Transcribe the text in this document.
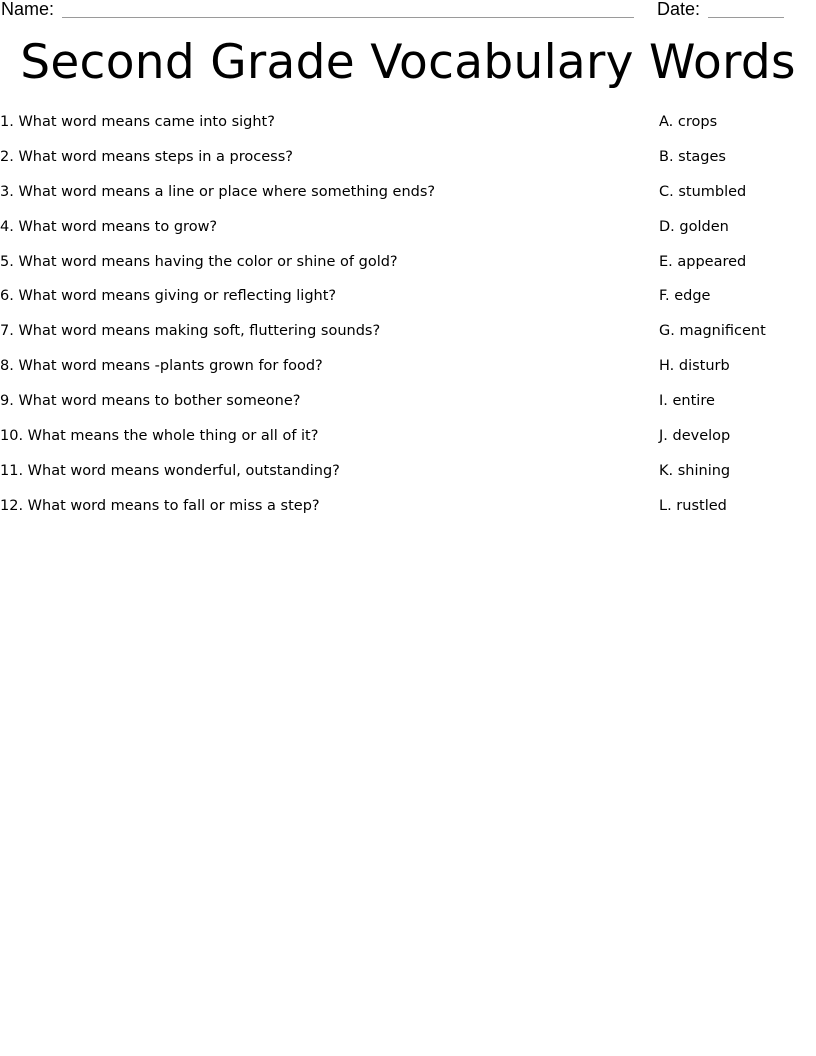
Name:	Date:
Second Grade Vocabulary Words
1. What word means came into sight?
2. What word means steps in a process?
3. What word means a line or place where something ends?
4. What word means to grow?
5. What word means having the color or shine of gold?
6. What word means giving or reflecting light?
7. What word means making soft, fluttering sounds?
8. What word means -plants grown for food?
9. What word means to bother someone?
10. What means the whole thing or all of it?
11. What word means wonderful, outstanding?
12. What word means to fall or miss a step?
A. crops
B. stages
C. stumbled
D. golden
E. appeared
F. edge
G. magnificent
H. disturb
I. entire
J. develop
K. shining
L. rustled
